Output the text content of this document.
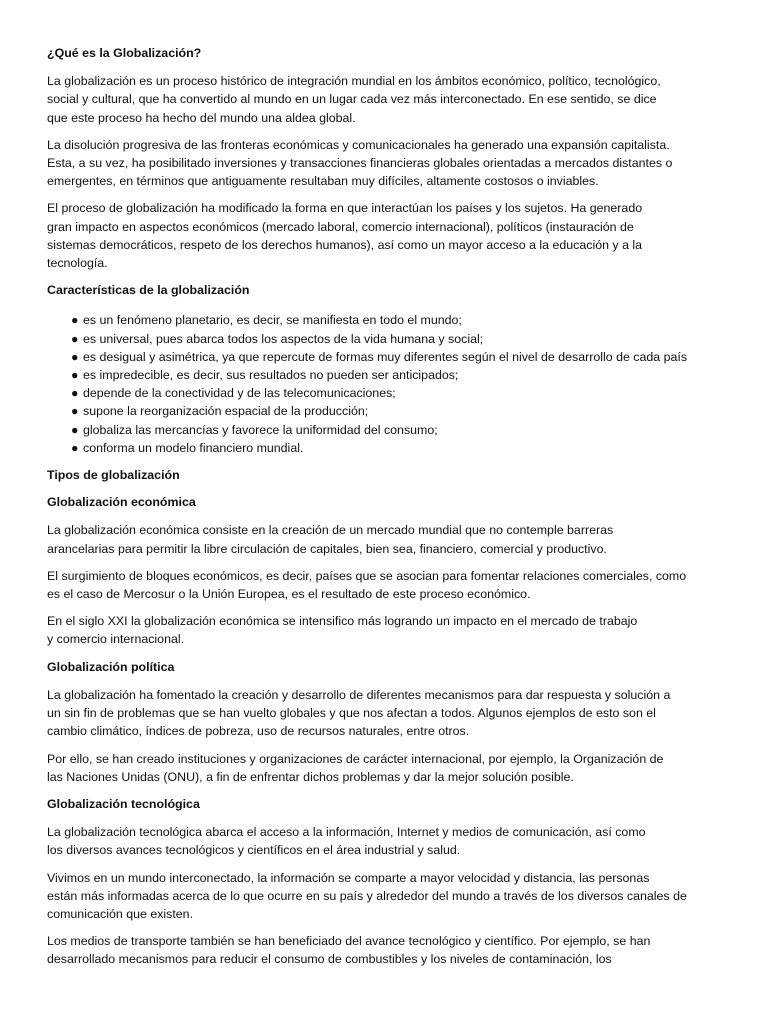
¿Qué es la Globalización?

La globalización es un proceso histórico de integración mundial en los ámbitos económico, político, tecnológico,
social y cultural, que ha convertido al mundo en un lugar cada vez más interconectado. En ese sentido, se dice
que este proceso ha hecho del mundo una aldea global.

La disolución progresiva de las fronteras económicas y comunicacionales ha generado una expansión capitalista.
Esta, a su vez, ha posibilitado inversiones y transacciones financieras globales orientadas a mercados distantes o
emergentes, en términos que antiguamente resultaban muy difíciles, altamente costosos o inviables.

El proceso de globalización ha modificado la forma en que interactúan los países y los sujetos. Ha generado
gran impacto en aspectos económicos (mercado laboral, comercio internacional), políticos (instauración de
sistemas democráticos, respeto de los derechos humanos), así como un mayor acceso a la educación y a la
tecnología.

Características de la globalización
● es un fenómeno planetario, es decir, se manifiesta en todo el mundo;
● es universal, pues abarca todos los aspectos de la vida humana y social;
● es desigual y asimétrica, ya que repercute de formas muy diferentes según el nivel de desarrollo de cada país
● es impredecible, es decir, sus resultados no pueden ser anticipados;
● depende de la conectividad y de las telecomunicaciones;
● supone la reorganización espacial de la producción;
● globaliza las mercancías y favorece la uniformidad del consumo;
● conforma un modelo financiero mundial.
Tipos de globalización
Globalización económica

La globalización económica consiste en la creación de un mercado mundial que no contemple barreras
arancelarias para permitir la libre circulación de capitales, bien sea, financiero, comercial y productivo.

El surgimiento de bloques económicos, es decir, países que se asocian para fomentar relaciones comerciales, como
es el caso de Mercosur o la Unión Europea, es el resultado de este proceso económico.

En el siglo XXI la globalización económica se intensifico más logrando un impacto en el mercado de trabajo
y comercio internacional.

Globalización política

La globalización ha fomentado la creación y desarrollo de diferentes mecanismos para dar respuesta y solución a
un sin fin de problemas que se han vuelto globales y que nos afectan a todos. Algunos ejemplos de esto son el
cambio climático, índices de pobreza, uso de recursos naturales, entre otros.

Por ello, se han creado instituciones y organizaciones de carácter internacional, por ejemplo, la Organización de
las Naciones Unidas (ONU), a fin de enfrentar dichos problemas y dar la mejor solución posible.

Globalización tecnológica

La globalización tecnológica abarca el acceso a la información, Internet y medios de comunicación, así como
los diversos avances tecnológicos y científicos en el área industrial y salud.

Vivimos en un mundo interconectado, la información se comparte a mayor velocidad y distancia, las personas
están más informadas acerca de lo que ocurre en su país y alrededor del mundo a través de los diversos canales de
comunicación que existen.

Los medios de transporte también se han beneficiado del avance tecnológico y científico. Por ejemplo, se han
desarrollado mecanismos para reducir el consumo de combustibles y los niveles de contaminación, los
